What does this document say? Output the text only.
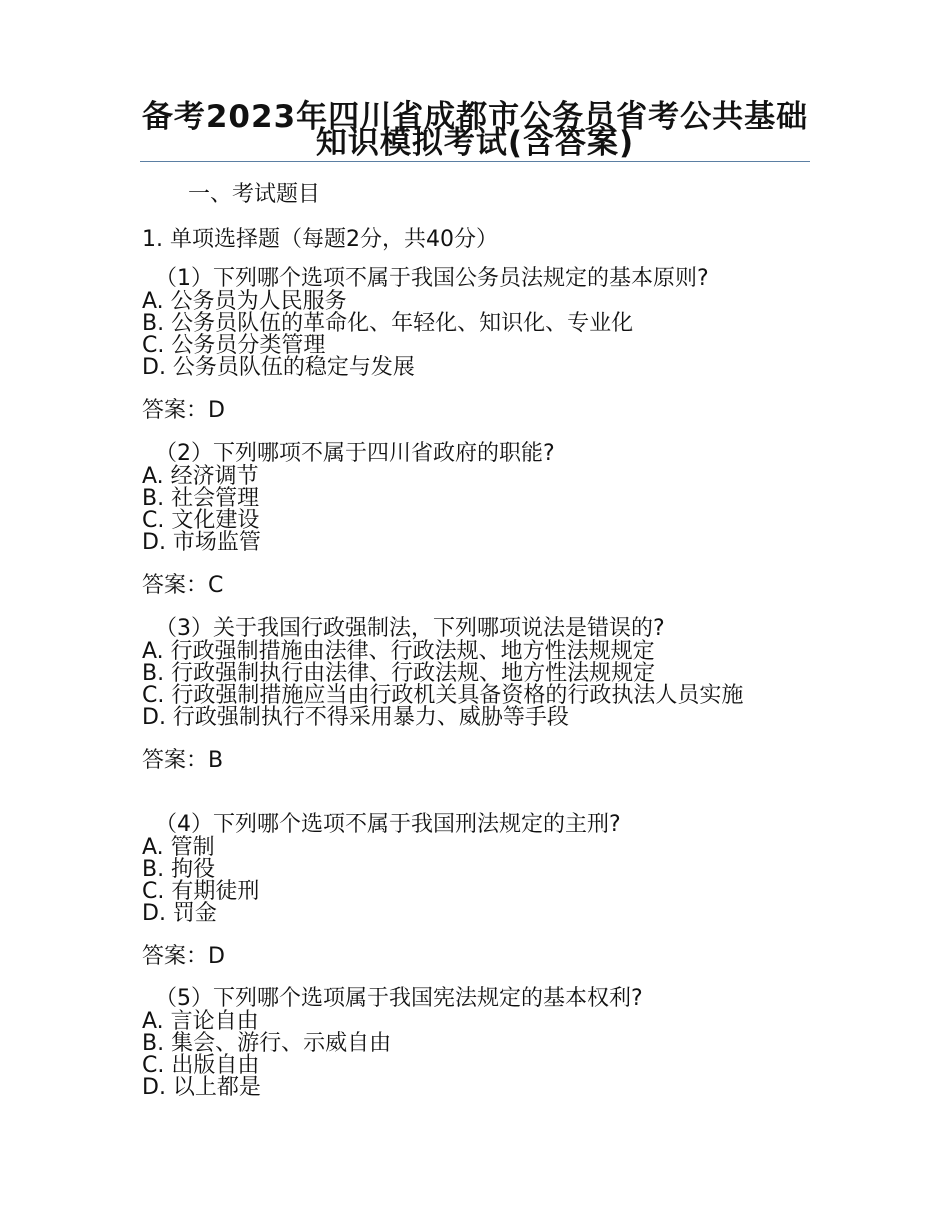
备考2023年四川省成都市公务员省考公共基础知识模拟考试(含答案)
一、考试题目
1. 单项选择题（每题2分，共40分）
（1）下列哪个选项不属于我国公务员法规定的基本原则?
A. 公务员为人民服务
B. 公务员队伍的革命化、年轻化、知识化、专业化
C. 公务员分类管理
D. 公务员队伍的稳定与发展
答案：D
（2）下列哪项不属于四川省政府的职能?
A. 经济调节
B. 社会管理
C. 文化建设
D. 市场监管
答案：C
（3）关于我国行政强制法，下列哪项说法是错误的?
A. 行政强制措施由法律、行政法规、地方性法规规定
B. 行政强制执行由法律、行政法规、地方性法规规定
C. 行政强制措施应当由行政机关具备资格的行政执法人员实施
D. 行政强制执行不得采用暴力、威胁等手段
答案：B
（4）下列哪个选项不属于我国刑法规定的主刑?
A. 管制
B. 拘役
C. 有期徒刑
D. 罚金
答案：D
（5）下列哪个选项属于我国宪法规定的基本权利?
A. 言论自由
B. 集会、游行、示威自由
C. 出版自由
D. 以上都是
